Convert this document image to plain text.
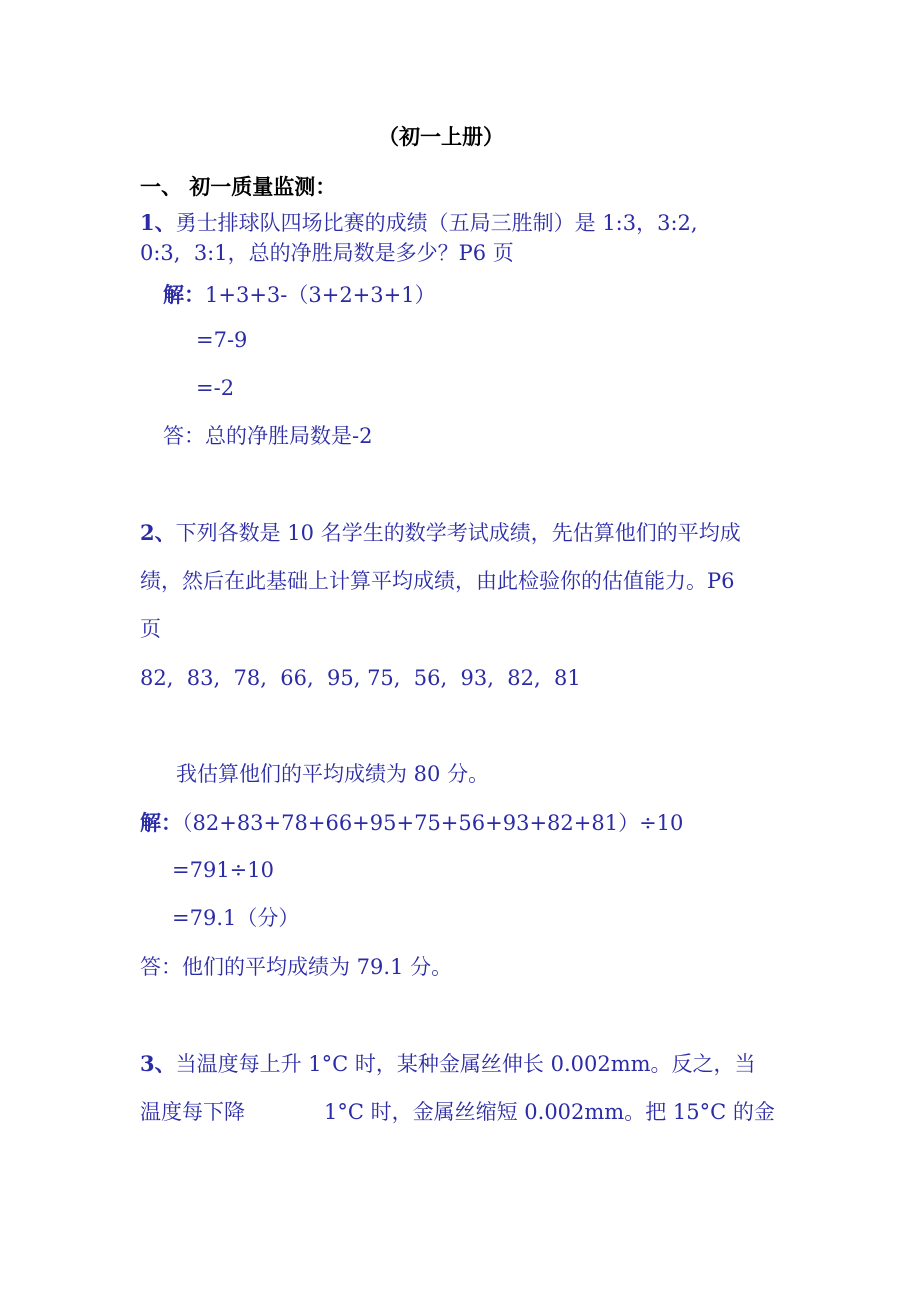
（初一上册）
一、 初一质量监测：
1、勇士排球队四场比赛的成绩（五局三胜制）是 1:3，3:2,
0:3,  3:1，总的净胜局数是多少？P6 页
解：1+3+3-（3+2+3+1）
=7-9
=-2
答：总的净胜局数是-2
2、下列各数是 10 名学生的数学考试成绩，先估算他们的平均成
绩，然后在此基础上计算平均成绩，由此检验你的估值能力。P6
页
82,  83,  78,  66,  95, 75,  56,  93,  82,  81
我估算他们的平均成绩为 80 分。
解：（82+83+78+66+95+75+56+93+82+81）÷10
=791÷10
=79.1（分）
答：他们的平均成绩为 79.1 分。
3、当温度每上升 1°C 时，某种金属丝伸长 0.002mm。反之，当
温度每下降	1°C 时，金属丝缩短 0.002mm。把 15°C 的金
